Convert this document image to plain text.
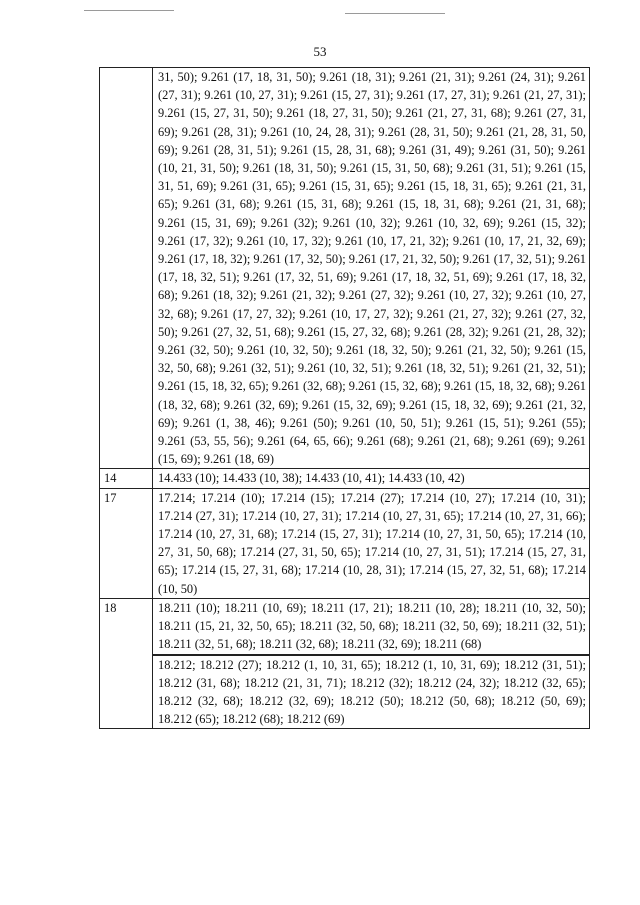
53
	31, 50); 9.261 (17, 18, 31, 50); 9.261 (18, 31); 9.261 (21, 31); 9.261 (24, 31); 9.261 (27, 31); 9.261 (10, 27, 31); 9.261 (15, 27, 31); 9.261 (17, 27, 31); 9.261 (21, 27, 31); 9.261 (15, 27, 31, 50); 9.261 (18, 27, 31, 50); 9.261 (21, 27, 31, 68); 9.261 (27, 31, 69); 9.261 (28, 31); 9.261 (10, 24, 28, 31); 9.261 (28, 31, 50); 9.261 (21, 28, 31, 50, 69); 9.261 (28, 31, 51); 9.261 (15, 28, 31, 68); 9.261 (31, 49); 9.261 (31, 50); 9.261 (10, 21, 31, 50); 9.261 (18, 31, 50); 9.261 (15, 31, 50, 68); 9.261 (31, 51); 9.261 (15, 31, 51, 69); 9.261 (31, 65); 9.261 (15, 31, 65); 9.261 (15, 18, 31, 65); 9.261 (21, 31, 65); 9.261 (31, 68); 9.261 (15, 31, 68); 9.261 (15, 18, 31, 68); 9.261 (21, 31, 68); 9.261 (15, 31, 69); 9.261 (32); 9.261 (10, 32); 9.261 (10, 32, 69); 9.261 (15, 32); 9.261 (17, 32); 9.261 (10, 17, 32); 9.261 (10, 17, 21, 32); 9.261 (10, 17, 21, 32, 69); 9.261 (17, 18, 32); 9.261 (17, 32, 50); 9.261 (17, 21, 32, 50); 9.261 (17, 32, 51); 9.261 (17, 18, 32, 51); 9.261 (17, 32, 51, 69); 9.261 (17, 18, 32, 51, 69); 9.261 (17, 18, 32, 68); 9.261 (18, 32); 9.261 (21, 32); 9.261 (27, 32); 9.261 (10, 27, 32); 9.261 (10, 27, 32, 68); 9.261 (17, 27, 32); 9.261 (10, 17, 27, 32); 9.261 (21, 27, 32); 9.261 (27, 32, 50); 9.261 (27, 32, 51, 68); 9.261 (15, 27, 32, 68); 9.261 (28, 32); 9.261 (21, 28, 32); 9.261 (32, 50); 9.261 (10, 32, 50); 9.261 (18, 32, 50); 9.261 (21, 32, 50); 9.261 (15, 32, 50, 68); 9.261 (32, 51); 9.261 (10, 32, 51); 9.261 (18, 32, 51); 9.261 (21, 32, 51); 9.261 (15, 18, 32, 65); 9.261 (32, 68); 9.261 (15, 32, 68); 9.261 (15, 18, 32, 68); 9.261 (18, 32, 68); 9.261 (32, 69); 9.261 (15, 32, 69); 9.261 (15, 18, 32, 69); 9.261 (21, 32, 69); 9.261 (1, 38, 46); 9.261 (50); 9.261 (10, 50, 51); 9.261 (15, 51); 9.261 (55); 9.261 (53, 55, 56); 9.261 (64, 65, 66); 9.261 (68); 9.261 (21, 68); 9.261 (69); 9.261 (15, 69); 9.261 (18, 69)
14	14.433 (10); 14.433 (10, 38); 14.433 (10, 41); 14.433 (10, 42)
17	17.214; 17.214 (10); 17.214 (15); 17.214 (27); 17.214 (10, 27); 17.214 (10, 31); 17.214 (27, 31); 17.214 (10, 27, 31); 17.214 (10, 27, 31, 65); 17.214 (10, 27, 31, 66); 17.214 (10, 27, 31, 68); 17.214 (15, 27, 31); 17.214 (10, 27, 31, 50, 65); 17.214 (10, 27, 31, 50, 68); 17.214 (27, 31, 50, 65); 17.214 (10, 27, 31, 51); 17.214 (15, 27, 31, 65); 17.214 (15, 27, 31, 68); 17.214 (10, 28, 31); 17.214 (15, 27, 32, 51, 68); 17.214 (10, 50)
18	18.211 (10); 18.211 (10, 69); 18.211 (17, 21); 18.211 (10, 28); 18.211 (10, 32, 50); 18.211 (15, 21, 32, 50, 65); 18.211 (32, 50, 68); 18.211 (32, 50, 69); 18.211 (32, 51); 18.211 (32, 51, 68); 18.211 (32, 68); 18.211 (32, 69); 18.211 (68)
	18.212; 18.212 (27); 18.212 (1, 10, 31, 65); 18.212 (1, 10, 31, 69); 18.212 (31, 51); 18.212 (31, 68); 18.212 (21, 31, 71); 18.212 (32); 18.212 (24, 32); 18.212 (32, 65); 18.212 (32, 68); 18.212 (32, 69); 18.212 (50); 18.212 (50, 68); 18.212 (50, 69); 18.212 (65); 18.212 (68); 18.212 (69)
